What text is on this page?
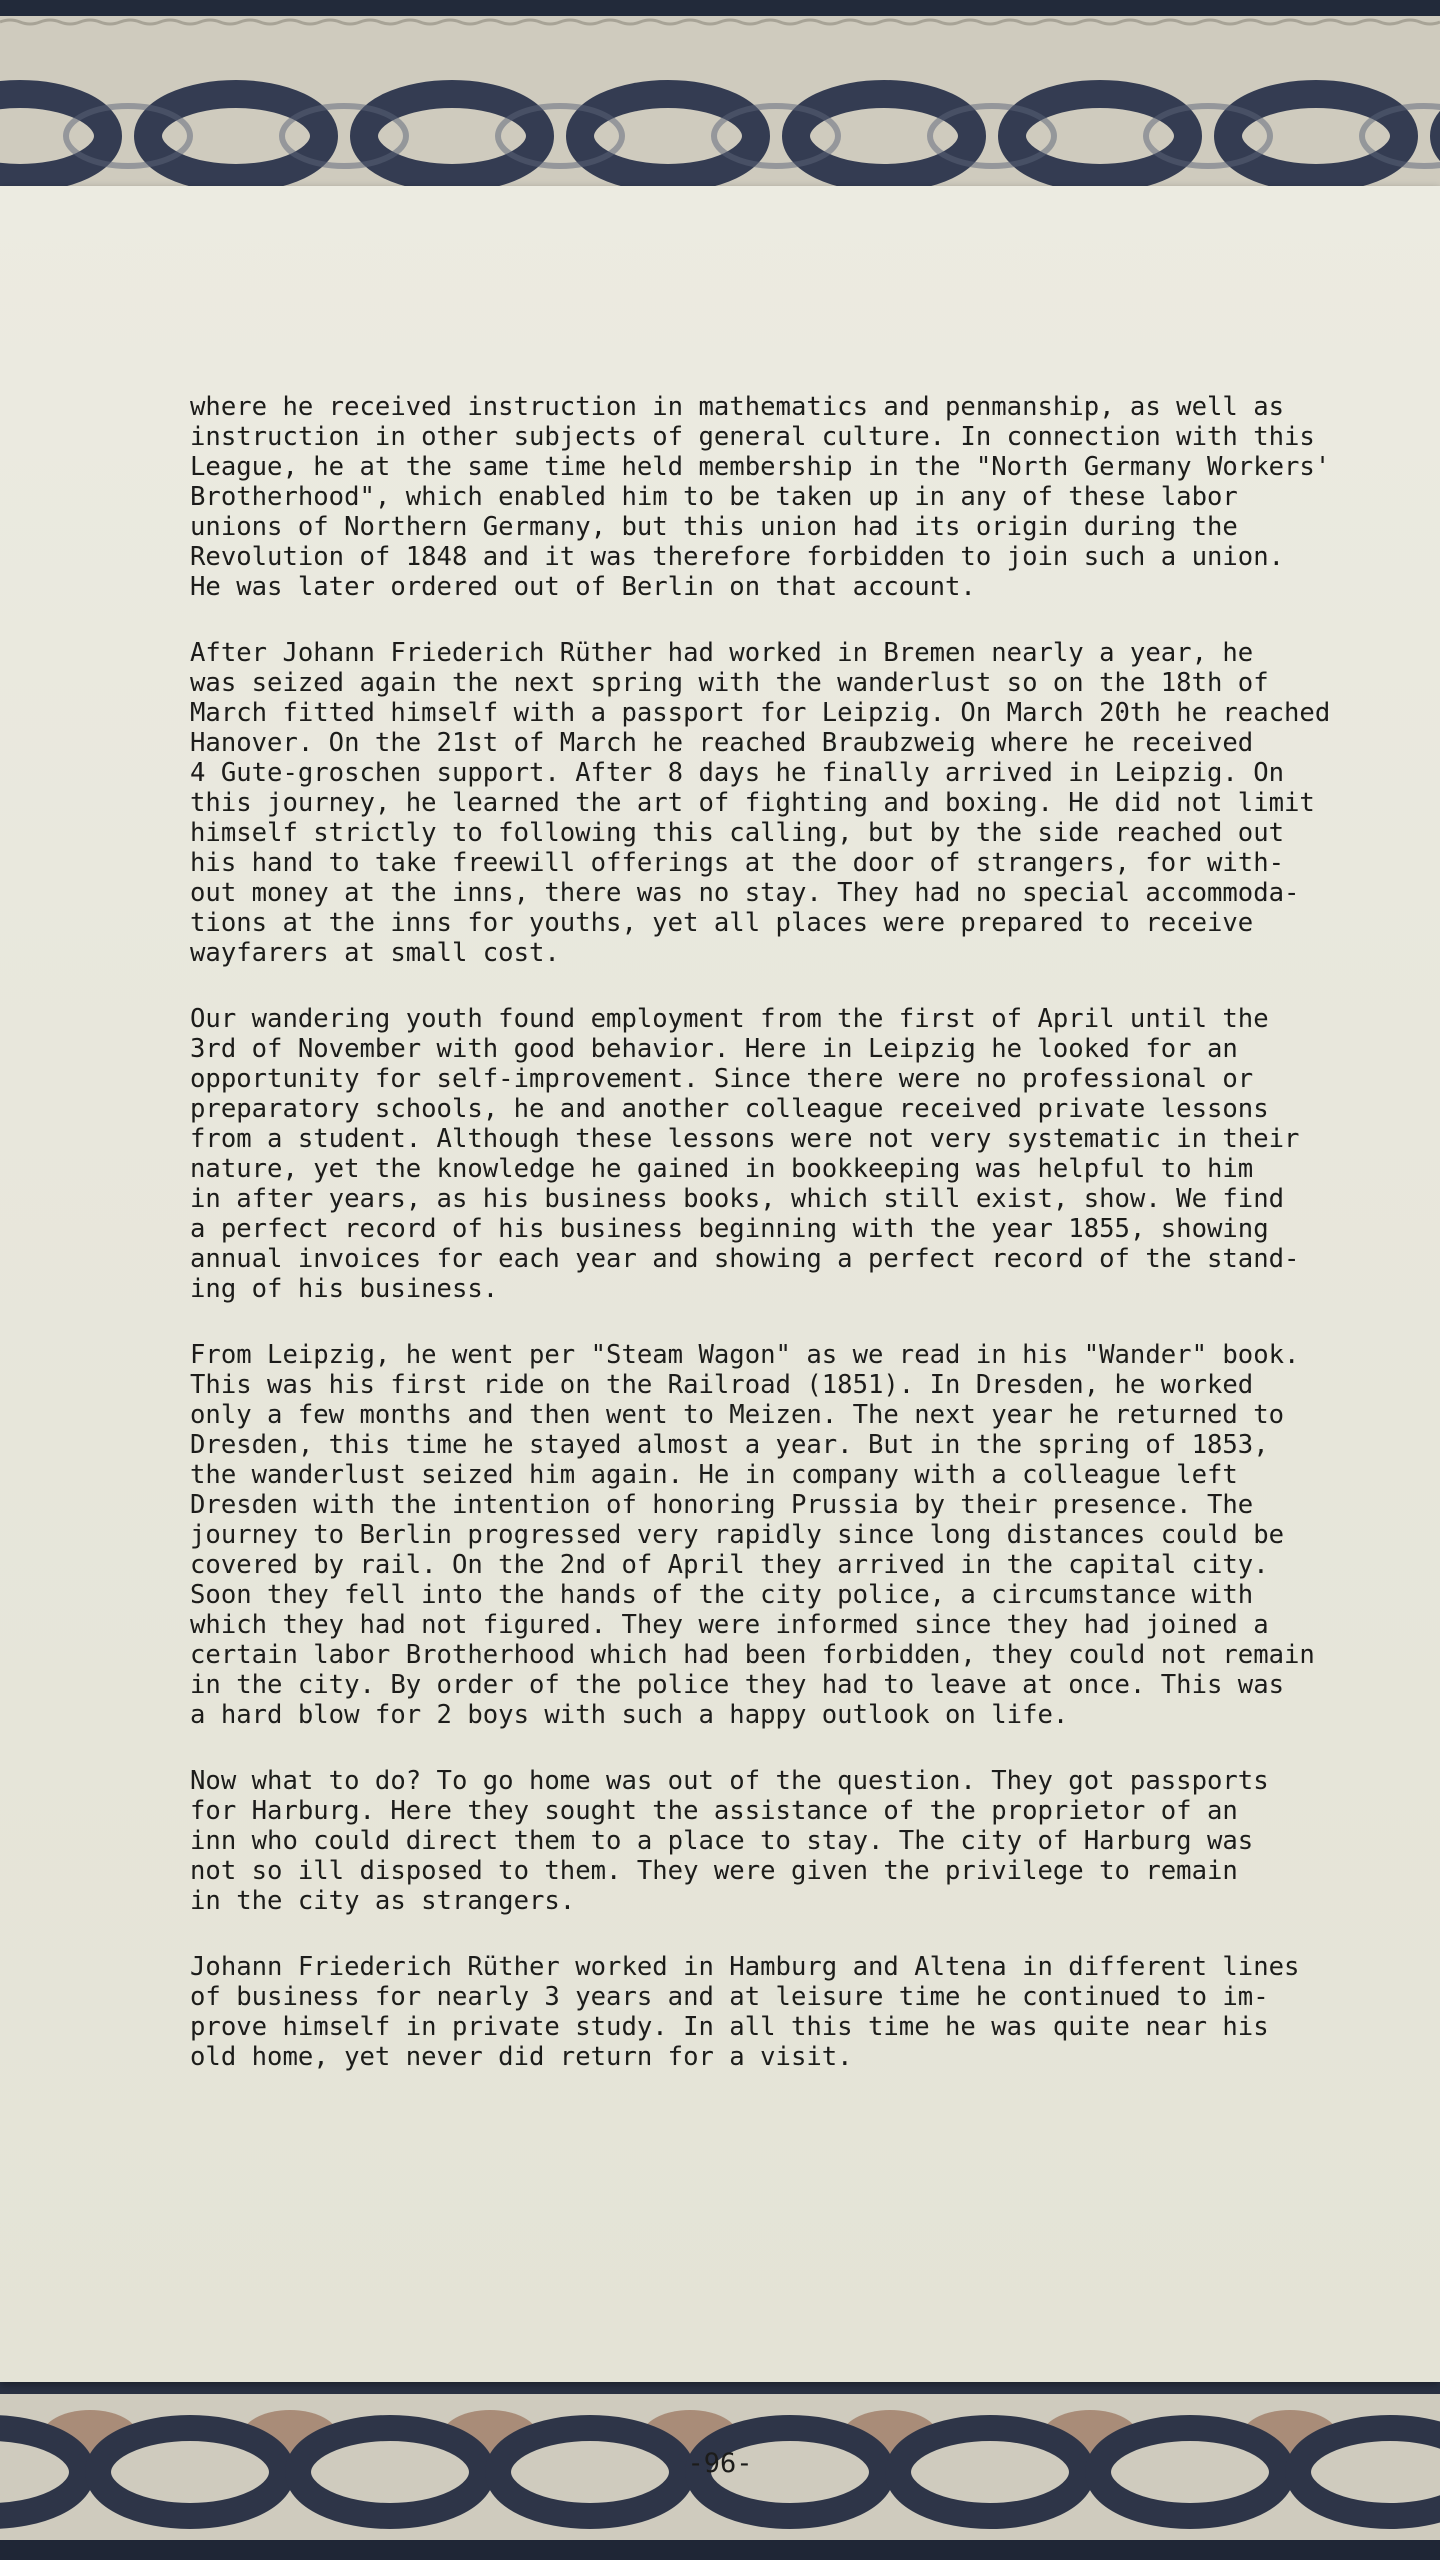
where he received instruction in mathematics and penmanship, as well as
instruction in other subjects of general culture. In connection with this
League, he at the same time held membership in the "North Germany Workers'
Brotherhood", which enabled him to be taken up in any of these labor
unions of Northern Germany, but this union had its origin during the
Revolution of 1848 and it was therefore forbidden to join such a union.
He was later ordered out of Berlin on that account.
After Johann Friederich Rüther had worked in Bremen nearly a year, he
was seized again the next spring with the wanderlust so on the 18th of
March fitted himself with a passport for Leipzig. On March 20th he reached
Hanover. On the 21st of March he reached Braubzweig where he received
4 Gute-groschen support. After 8 days he finally arrived in Leipzig. On
this journey, he learned the art of fighting and boxing. He did not limit
himself strictly to following this calling, but by the side reached out
his hand to take freewill offerings at the door of strangers, for with-
out money at the inns, there was no stay. They had no special accommoda-
tions at the inns for youths, yet all places were prepared to receive
wayfarers at small cost.
Our wandering youth found employment from the first of April until the
3rd of November with good behavior. Here in Leipzig he looked for an
opportunity for self-improvement. Since there were no professional or
preparatory schools, he and another colleague received private lessons
from a student. Although these lessons were not very systematic in their
nature, yet the knowledge he gained in bookkeeping was helpful to him
in after years, as his business books, which still exist, show. We find
a perfect record of his business beginning with the year 1855, showing
annual invoices for each year and showing a perfect record of the stand-
ing of his business.
From Leipzig, he went per "Steam Wagon" as we read in his "Wander" book.
This was his first ride on the Railroad (1851). In Dresden, he worked
only a few months and then went to Meizen. The next year he returned to
Dresden, this time he stayed almost a year. But in the spring of 1853,
the wanderlust seized him again. He in company with a colleague left
Dresden with the intention of honoring Prussia by their presence. The
journey to Berlin progressed very rapidly since long distances could be
covered by rail. On the 2nd of April they arrived in the capital city.
Soon they fell into the hands of the city police, a circumstance with
which they had not figured. They were informed since they had joined a
certain labor Brotherhood which had been forbidden, they could not remain
in the city. By order of the police they had to leave at once. This was
a hard blow for 2 boys with such a happy outlook on life.
Now what to do? To go home was out of the question. They got passports
for Harburg. Here they sought the assistance of the proprietor of an
inn who could direct them to a place to stay. The city of Harburg was
not so ill disposed to them. They were given the privilege to remain
in the city as strangers.
Johann Friederich Rüther worked in Hamburg and Altena in different lines
of business for nearly 3 years and at leisure time he continued to im-
prove himself in private study. In all this time he was quite near his
old home, yet never did return for a visit.
-96-
